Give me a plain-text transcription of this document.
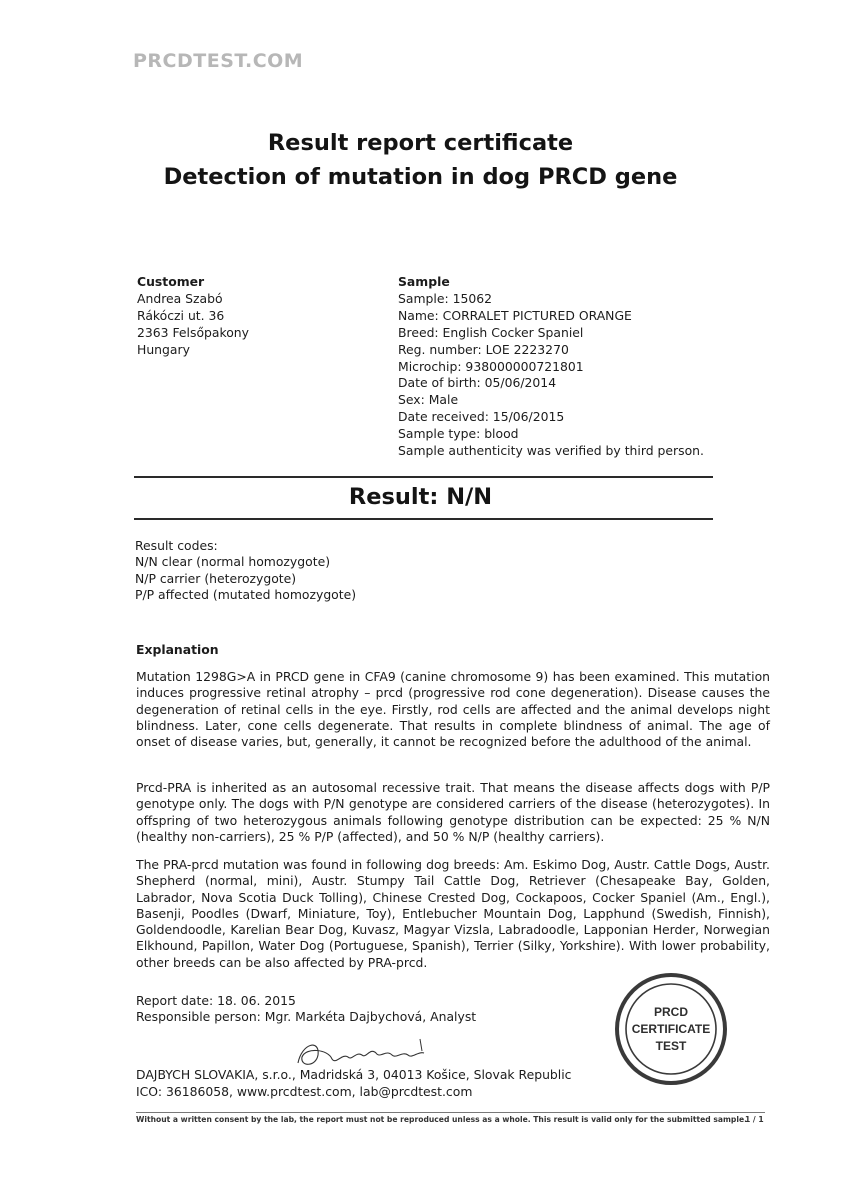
PRCDTEST.COM
Result report certificate
Detection of mutation in dog PRCD gene
Customer
Andrea Szabó
Rákóczi ut. 36
2363 Felsőpakony
Hungary
Sample
Sample: 15062
Name: CORRALET PICTURED ORANGE
Breed: English Cocker Spaniel
Reg. number: LOE 2223270
Microchip: 938000000721801
Date of birth: 05/06/2014
Sex: Male
Date received: 15/06/2015
Sample type: blood
Sample authenticity was verified by third person.
Result: N/N
Result codes:
N/N clear (normal homozygote)
N/P carrier (heterozygote)
P/P affected (mutated homozygote)
Explanation
Mutation 1298G>A in PRCD gene in CFA9 (canine chromosome 9) has been examined. This mutation induces progressive retinal atrophy – prcd (progressive rod cone degeneration). Disease causes the degeneration of retinal cells in the eye. Firstly, rod cells are affected and the animal develops night blindness. Later, cone cells degenerate. That results in complete blindness of animal. The age of onset of disease varies, but, generally, it cannot be recognized before the adulthood of the animal.
Prcd-PRA is inherited as an autosomal recessive trait. That means the disease affects dogs with P/P genotype only. The dogs with P/N genotype are considered carriers of the disease (heterozygotes). In offspring of two heterozygous animals following genotype distribution can be expected: 25 % N/N (healthy non-carriers), 25 % P/P (affected), and 50 % N/P (healthy carriers).
The PRA-prcd mutation was found in following dog breeds: Am. Eskimo Dog, Austr. Cattle Dogs, Austr. Shepherd (normal, mini), Austr. Stumpy Tail Cattle Dog, Retriever (Chesapeake Bay, Golden, Labrador, Nova Scotia Duck Tolling), Chinese Crested Dog, Cockapoos, Cocker Spaniel (Am., Engl.), Basenji, Poodles (Dwarf, Miniature, Toy), Entlebucher Mountain Dog, Lapphund (Swedish, Finnish), Goldendoodle, Karelian Bear Dog, Kuvasz, Magyar Vizsla, Labradoodle, Lapponian Herder, Norwegian Elkhound, Papillon, Water Dog (Portuguese, Spanish), Terrier (Silky, Yorkshire). With lower probability, other breeds can be also affected by PRA-prcd.
Report date: 18. 06. 2015
Responsible person: Mgr. Markéta Dajbychová, Analyst
DAJBYCH SLOVAKIA, s.r.o., Madridská 3, 04013 Košice, Slovak Republic
ICO: 36186058, www.prcdtest.com, lab@prcdtest.com
PRCD
CERTIFICATE
TEST
Without a written consent by the lab, the report must not be reproduced unless as a whole. This result is valid only for the submitted sample.
1 / 1
